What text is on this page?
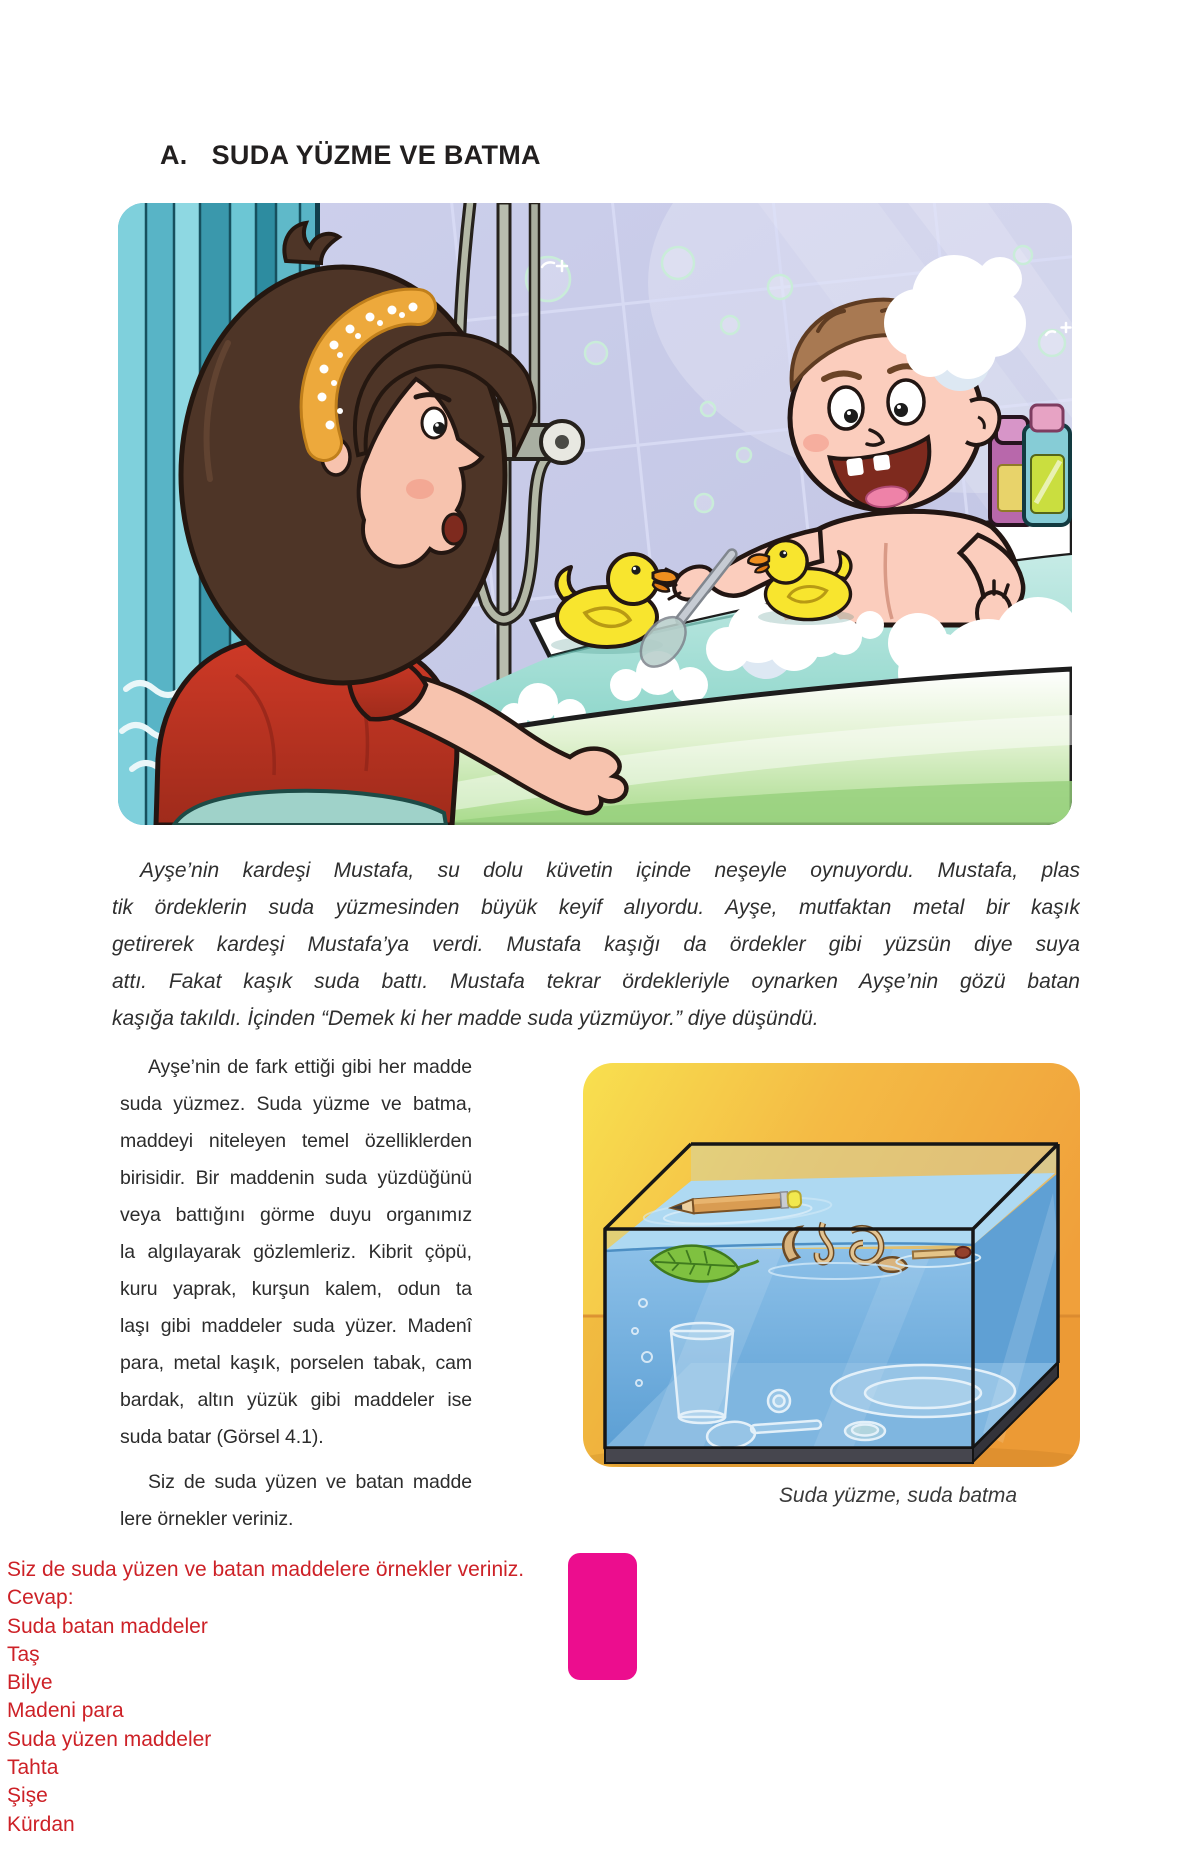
A. SUDA YÜZME VE BATMA
Ayşe’nin kardeşi Mustafa, su dolu küvetin içinde neşeyle oynuyordu. Mustafa, plas
tik ördeklerin suda yüzmesinden büyük keyif alıyordu. Ayşe, mutfaktan metal bir kaşık
getirerek kardeşi Mustafa’ya verdi. Mustafa kaşığı da ördekler gibi yüzsün diye suya
attı. Fakat kaşık suda battı. Mustafa tekrar ördekleriyle oynarken Ayşe’nin gözü batan
kaşığa takıldı. İçinden “Demek ki her madde suda yüzmüyor.” diye düşündü.
Ayşe’nin de fark ettiği gibi her madde
suda yüzmez. Suda yüzme ve batma,
maddeyi niteleyen temel özelliklerden
birisidir. Bir maddenin suda yüzdüğünü
veya battığını görme duyu organımız
la algılayarak gözlemleriz. Kibrit çöpü,
kuru yaprak, kurşun kalem, odun ta
laşı gibi maddeler suda yüzer. Madenî
para, metal kaşık, porselen tabak, cam
bardak, altın yüzük gibi maddeler ise
suda batar (Görsel 4.1).
Siz de suda yüzen ve batan madde
lere örnekler veriniz.
Suda yüzme, suda batma
Siz de suda yüzen ve batan maddelere örnekler veriniz.
Cevap:
Suda batan maddeler
Taş
Bilye
Madeni para
Suda yüzen maddeler
Tahta
Şişe
Kürdan
